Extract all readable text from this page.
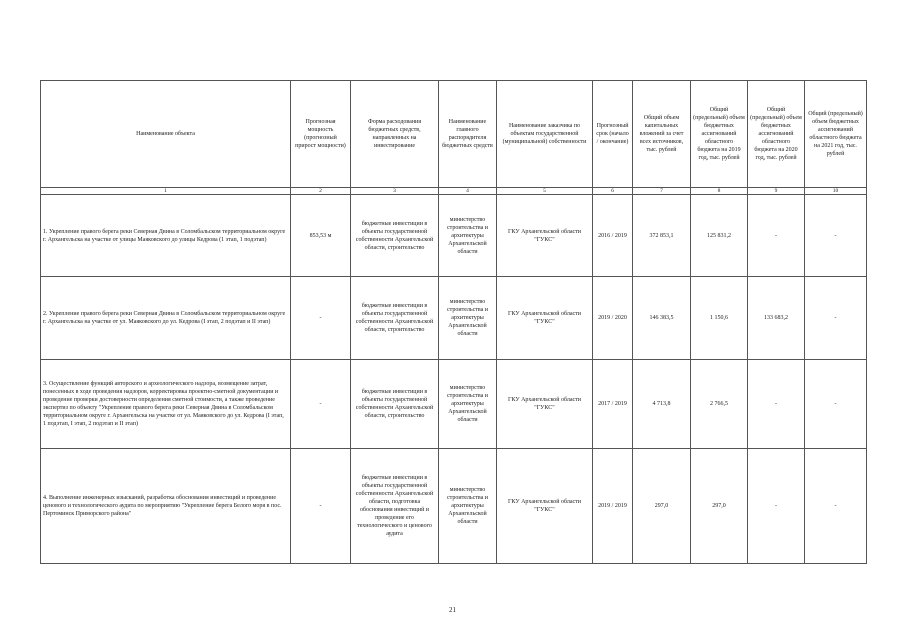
Наименование объекта	Прогнозная мощность (прогнозный прирост мощности)	Форма расходования бюджетных средств, направленных на инвестирование	Наименование главного распорядителя бюджетных средств	Наименование заказчика по объектам государственной (муниципальной) собственности	Прогнозный срок (начало / окончание)	Общий объем капитальных вложений за счет всех источников, тыс. рублей	Общий (предельный) объем бюджетных ассигнований областного бюджета на 2019 год, тыс. рублей	Общий (предельный) объем бюджетных ассигнований областного бюджета на 2020 год, тыс. рублей	Общий (предельный) объем бюджетных ассигнований областного бюджета на 2021 год, тыс. рублей
1	2	3	4	5	6	7	8	9	10
1. Укрепление правого берега реки Северная Двина в Соломбальском территориальном округе г. Архангельска на участке от улицы Маяковского до улицы Кедрова (1 этап, 1 подэтап)	853,53 м	бюджетные инвестиции в объекты государственной собственности Архангельской области, строительство	министерство строительства и архитектуры Архангельской области	ГКУ Архангельской области "ГУКС"	2016 / 2019	372 853,1	125 831,2	-	-
2. Укрепление правого берега реки Северная Двина в Соломбальском территориальном округе г. Архангельска на участке от ул. Маяковского до ул. Кедрова (I этап, 2 подэтап и II этап)	-	бюджетные инвестиции в объекты государственной собственности Архангельской области, строительство	министерство строительства и архитектуры Архангельской области	ГКУ Архангельской области "ГУКС"	2019 / 2020	146 383,5	1 150,6	133 683,2	-
3. Осуществление функций авторского и археологического надзора, возмещение затрат, понесенных в ходе проведения надзоров, корректировка проектно-сметной документации и проведение проверки достоверности определения сметной стоимости, а также проведение экспертиз по объекту "Укрепление правого берега реки Северная Двина в Соломбальском территориальном округе г. Архангельска на участке от ул. Маяковского до ул. Кедрова (I этап, 1 подэтап, I этап, 2 подэтап и II этап)	-	бюджетные инвестиции в объекты государственной собственности Архангельской области, строительство	министерство строительства и архитектуры Архангельской области	ГКУ Архангельской области "ГУКС"	2017 / 2019	4 713,8	2 766,5	-	-
4. Выполнение инженерных изысканий, разработка обоснования инвестиций и проведение ценового и технологического аудита по мероприятию "Укрепление берега Белого моря в пос. Пертоминск Приморского района"	-	бюджетные инвестиции в объекты государственной собственности Архангельской области, подготовка обоснования инвестиций и проведение его технологического и ценового аудита	министерство строительства и архитектуры Архангельской области	ГКУ Архангельской области "ГУКС"	2019 / 2019	297,0	297,0	-	-
21
